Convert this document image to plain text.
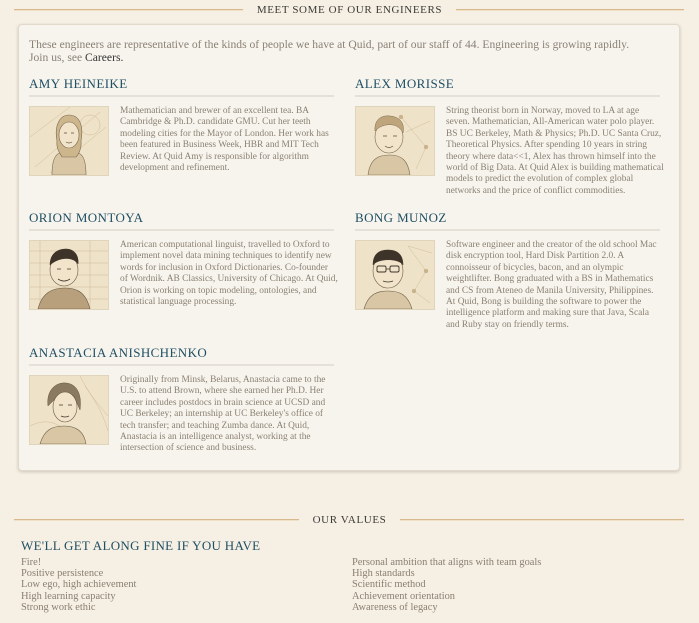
MEET SOME OF OUR ENGINEERS
These engineers are representative of the kinds of people we have at Quid, part of our staff of 44. Engineering is growing rapidly. Join us, see Careers.
AMY HEINEIKE
Mathematician and brewer of an excellent tea. BA Cambridge & Ph.D. candidate GMU. Cut her teeth modeling cities for the Mayor of London. Her work has been featured in Business Week, HBR and MIT Tech Review. At Quid Amy is responsible for algorithm development and refinement.
ALEX MORISSE
String theorist born in Norway, moved to LA at age seven. Mathematician, All-American water polo player. BS UC Berkeley, Math & Physics; Ph.D. UC Santa Cruz, Theoretical Physics. After spending 10 years in string theory where data<<1, Alex has thrown himself into the world of Big Data. At Quid Alex is building mathematical models to predict the evolution of complex global networks and the price of conflict commodities.
ORION MONTOYA
American computational linguist, travelled to Oxford to implement novel data mining techniques to identify new words for inclusion in Oxford Dictionaries. Co-founder of Wordnik. AB Classics, University of Chicago. At Quid, Orion is working on topic modeling, ontologies, and statistical language processing.
BONG MUNOZ
Software engineer and the creator of the old school Mac disk encryption tool, Hard Disk Partition 2.0. A connoisseur of bicycles, bacon, and an olympic weightlifter. Bong graduated with a BS in Mathematics and CS from Ateneo de Manila University, Philippines. At Quid, Bong is building the software to power the intelligence platform and making sure that Java, Scala and Ruby stay on friendly terms.
ANASTACIA ANISHCHENKO
Originally from Minsk, Belarus, Anastacia came to the U.S. to attend Brown, where she earned her Ph.D. Her career includes postdocs in brain science at UCSD and UC Berkeley; an internship at UC Berkeley's office of tech transfer; and teaching Zumba dance. At Quid, Anastacia is an intelligence analyst, working at the intersection of science and business.
OUR VALUES
WE'LL GET ALONG FINE IF YOU HAVE
Fire!
Positive persistence
Low ego, high achievement
High learning capacity
Strong work ethic
Personal ambition that aligns with team goals
High standards
Scientific method
Achievement orientation
Awareness of legacy
